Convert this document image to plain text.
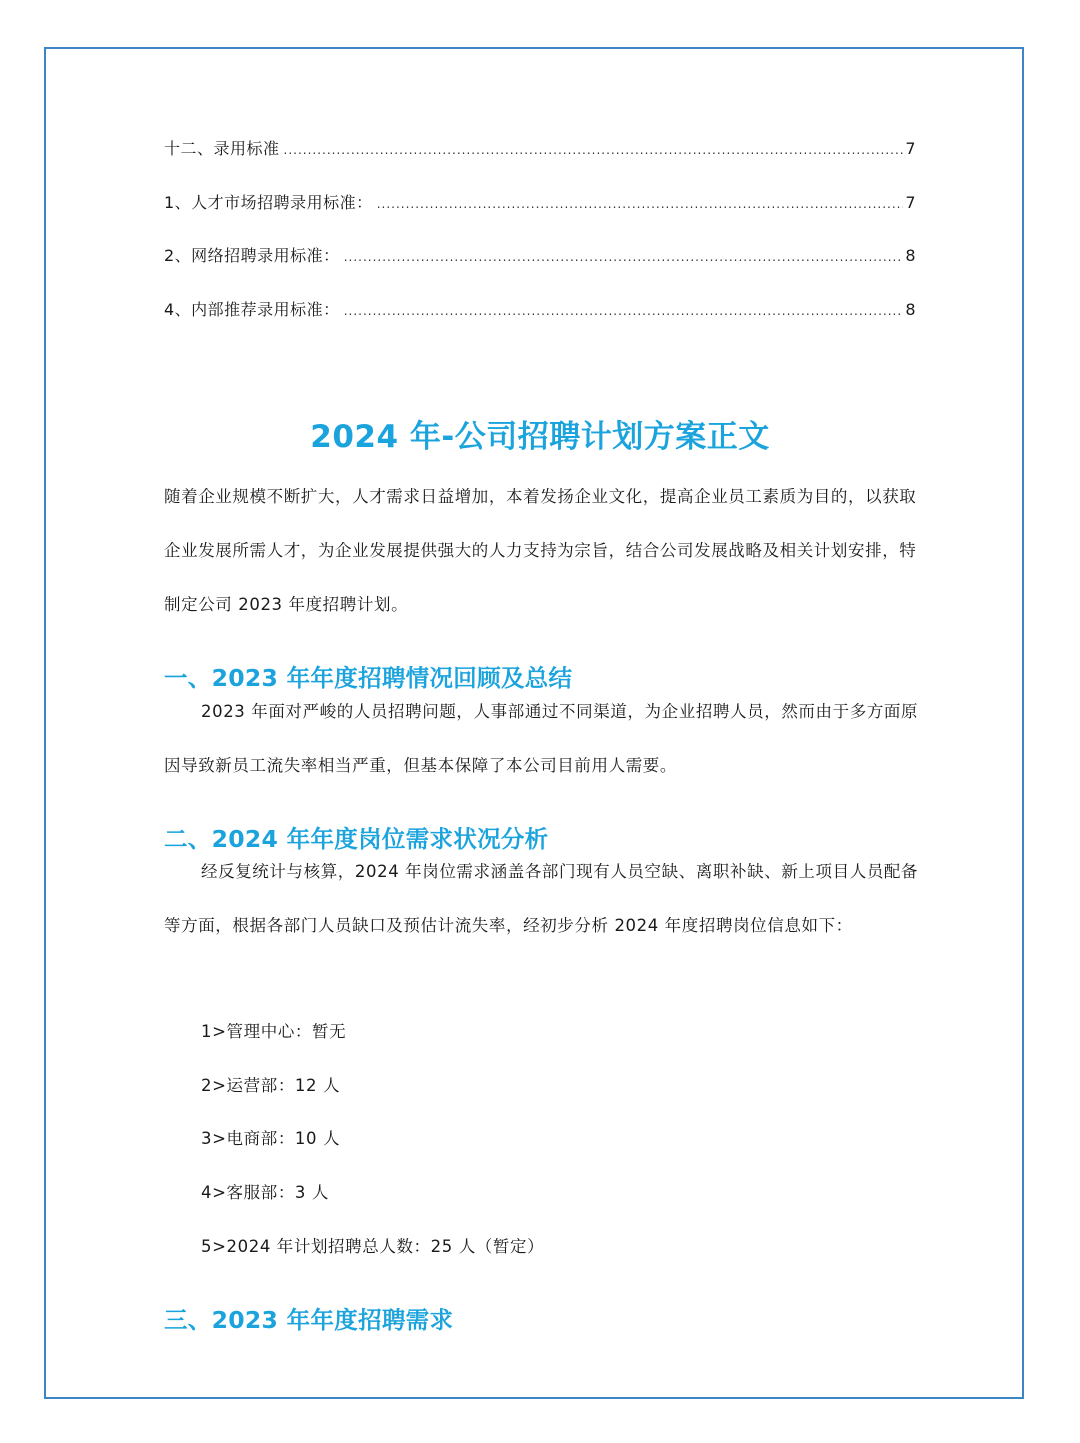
十二、录用标准 .....	7
1、人才市场招聘录用标准： .....	7
2、网络招聘录用标准： .....	8
4、内部推荐录用标准： .....	8
2024 年-公司招聘计划方案正文

随着企业规模不断扩大，人才需求日益增加，本着发扬企业文化，提高企业员工素质为目的，以获取企业发展所需人才，为企业发展提供强大的人力支持为宗旨，结合公司发展战略及相关计划安排，特制定公司 2023 年度招聘计划。

一、2023 年年度招聘情况回顾及总结

2023 年面对严峻的人员招聘问题，人事部通过不同渠道，为企业招聘人员，然而由于多方面原因导致新员工流失率相当严重，但基本保障了本公司目前用人需要。

二、2024 年年度岗位需求状况分析

经反复统计与核算，2024 年岗位需求涵盖各部门现有人员空缺、离职补缺、新上项目人员配备等方面，根据各部门人员缺口及预估计流失率，经初步分析 2024 年度招聘岗位信息如下：

1>管理中心：暂无
2>运营部：12 人
3>电商部：10 人
4>客服部：3 人
5>2024 年计划招聘总人数：25 人（暂定）
三、2023 年年度招聘需求
